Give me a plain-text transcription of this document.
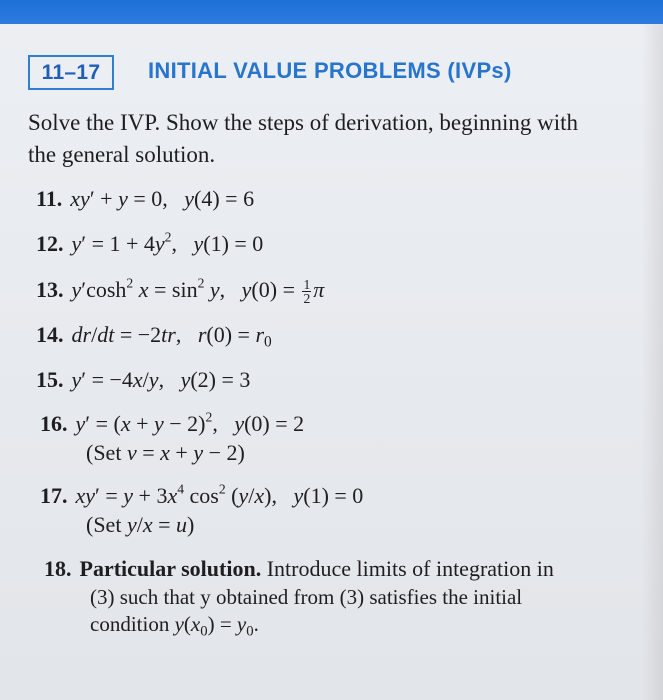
11–17 INITIAL VALUE PROBLEMS (IVPs)
Solve the IVP. Show the steps of derivation, beginning with
the general solution.
11. xy′ + y = 0,   y(4) = 6
12. $y' = 1 + 4y^2$,   y(1) = 0
13. $y'\cosh^2$ $x = \sin^2 y$,   $y(0) = \frac{1}{2}$ π
14. dr/dt = −2tr,   $r(0) = r_0$
15. y′ = −4x/y,   y(2) = 3
16. $y' = (x + y - 2)^2$,   y(0) = 2
(Set v = x + y − 2)
17. $xy' = y + 3x^4$ $\cos^2 (y/x)$,   y(1) = 0
(Set y/x = u)
18. Particular solution. Introduce limits of integration in
(3) such that y obtained from (3) satisfies the initial
condition $y(x_0) = y_0$.
